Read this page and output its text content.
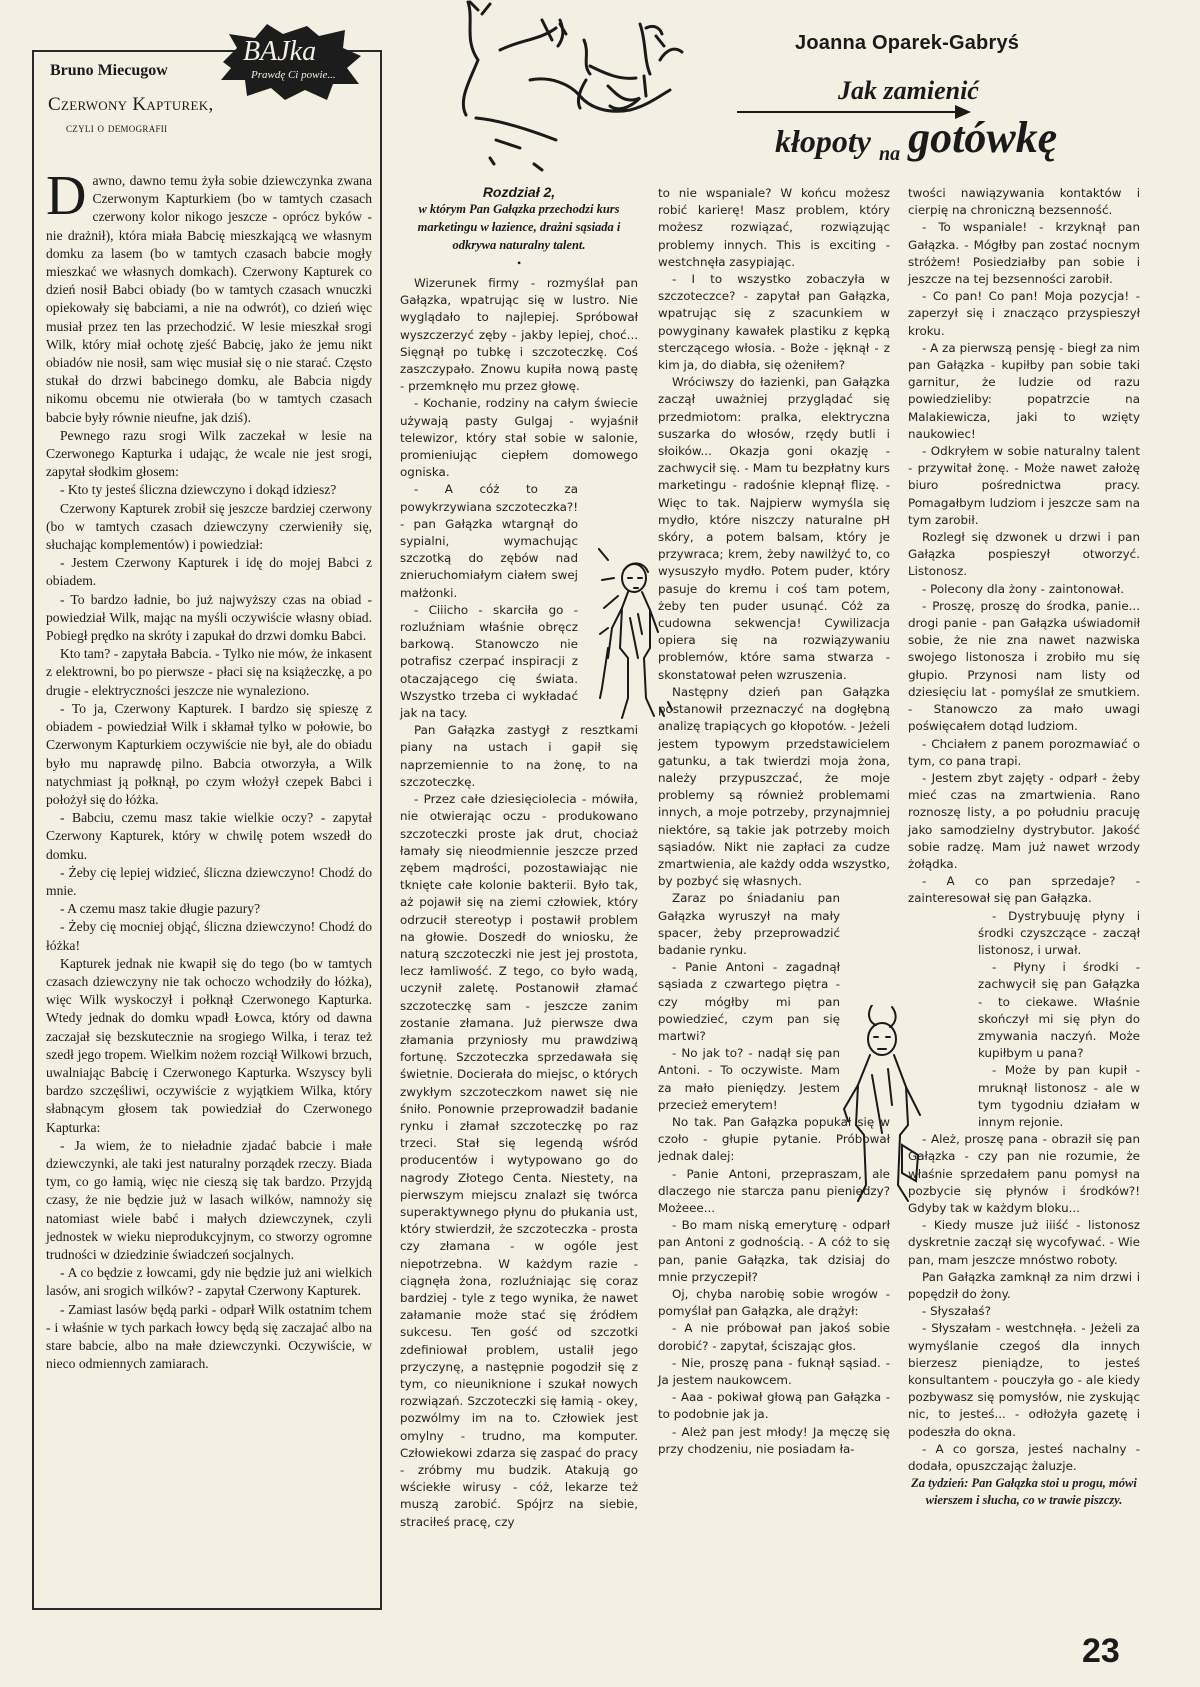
Bruno Miecugow
Czerwony Kapturek,
czyli o demografii
BAJka
Prawdę Ci powie...

Dawno, dawno temu żyła sobie dziewczynka zwana Czerwonym Kapturkiem (bo w tamtych czasach czerwony kolor nikogo jeszcze - oprócz byków - nie drażnił), która miała Babcię mieszkającą we własnym domku za lasem (bo w tamtych czasach babcie mogły mieszkać we własnych domkach). Czerwony Kapturek co dzień nosił Babci obiady (bo w tamtych czasach wnuczki opiekowały się babciami, a nie na odwrót), co dzień więc musiał przez ten las przechodzić. W lesie mieszkał srogi Wilk, który miał ochotę zjeść Babcię, jako że jemu nikt obiadów nie nosił, sam więc musiał się o nie starać. Często stukał do drzwi babcinego domku, ale Babcia nigdy nikomu obcemu nie otwierała (bo w tamtych czasach babcie były równie nieufne, jak dziś).

Pewnego razu srogi Wilk zaczekał w lesie na Czerwonego Kapturka i udając, że wcale nie jest srogi, zapytał słodkim głosem:

- Kto ty jesteś śliczna dziewczyno i dokąd idziesz?

Czerwony Kapturek zrobił się jeszcze bardziej czerwony (bo w tamtych czasach dziewczyny czerwieniły się, słuchając komplementów) i powiedział:

- Jestem Czerwony Kapturek i idę do mojej Babci z obiadem.

- To bardzo ładnie, bo już najwyższy czas na obiad - powiedział Wilk, mając na myśli oczywiście własny obiad. Pobiegł prędko na skróty i zapukał do drzwi domku Babci.

Kto tam? - zapytała Babcia. - Tylko nie mów, że inkasent z elektrowni, bo po pierwsze - płaci się na książeczkę, a po drugie - elektryczności jeszcze nie wynaleziono.

- To ja, Czerwony Kapturek. I bardzo się spieszę z obiadem - powiedział Wilk i skłamał tylko w połowie, bo Czerwonym Kapturkiem oczywiście nie był, ale do obiadu było mu naprawdę pilno. Babcia otworzyła, a Wilk natychmiast ją połknął, po czym włożył czepek Babci i położył się do łóżka.

- Babciu, czemu masz takie wielkie oczy? - zapytał Czerwony Kapturek, który w chwilę potem wszedł do domku.

- Żeby cię lepiej widzieć, śliczna dziewczyno! Chodź do mnie.

- A czemu masz takie długie pazury?

- Żeby cię mocniej objąć, śliczna dziewczyno! Chodź do łóżka!

Kapturek jednak nie kwapił się do tego (bo w tamtych czasach dziewczyny nie tak ochoczo wchodziły do łóżka), więc Wilk wyskoczył i połknął Czerwonego Kapturka. Wtedy jednak do domku wpadł Łowca, który od dawna zaczajał się bezskutecznie na srogiego Wilka, i teraz też szedł jego tropem. Wielkim nożem rozciął Wilkowi brzuch, uwalniając Babcię i Czerwonego Kapturka. Wszyscy byli bardzo szczęśliwi, oczywiście z wyjątkiem Wilka, który słabnącym głosem tak powiedział do Czerwonego Kapturka:

- Ja wiem, że to nieładnie zjadać babcie i małe dziewczynki, ale taki jest naturalny porządek rzeczy. Biada tym, co go łamią, więc nie cieszą się tak bardzo. Przyjdą czasy, że nie będzie już w lasach wilków, namnoży się natomiast wiele babć i małych dziewczynek, czyli jednostek w wieku nieprodukcyjnym, co stworzy ogromne trudności w dziedzinie świadczeń socjalnych.

- A co będzie z łowcami, gdy nie będzie już ani wielkich lasów, ani srogich wilków? - zapytał Czerwony Kapturek.

- Zamiast lasów będą parki - odparł Wilk ostatnim tchem - i właśnie w tych parkach łowcy będą się zaczajać albo na stare babcie, albo na małe dziewczynki. Oczywiście, w nieco odmiennych zamiarach.

Joanna Oparek-Gabryś
Jak zamienić
kłopoty $_{na}$ gotówkę
Rozdział 2,
w którym Pan Gałązka przechodzi kurs marketingu w łazience, drażni sąsiada i odkrywa naturalny talent.
•

Wizerunek firmy - rozmyślał pan Gałązka, wpatrując się w lustro. Nie wyglądało to najlepiej. Spróbował wyszczerzyć zęby - jakby lepiej, choć... Sięgnął po tubkę i szczoteczkę. Coś zaszczypało. Znowu kupiła nową pastę - przemknęło mu przez głowę.

- Kochanie, rodziny na całym świecie używają pasty Gulgaj - wyjaśnił telewizor, który stał sobie w salonie, promieniując ciepłem domowego ogniska.

- A cóż to za powykrzywiana szczoteczka?! - pan Gałązka wtargnął do sypialni, wymachując szczotką do zębów nad znieruchomiałym ciałem swej małżonki.

- Ciiicho - skarciła go - rozluźniam właśnie obręcz barkową. Stanowczo nie potrafisz czerpać inspiracji z otaczającego cię świata. Wszystko trzeba ci wykładać jak na tacy.

Pan Gałązka zastygł z resztkami piany na ustach i gapił się naprzemiennie to na żonę, to na szczoteczkę.

- Przez całe dziesięciolecia - mówiła, nie otwierając oczu - produkowano szczoteczki proste jak drut, chociaż łamały się nieodmiennie jeszcze przed zębem mądrości, pozostawiając nie tknięte całe kolonie bakterii. Było tak, aż pojawił się na ziemi człowiek, który odrzucił stereotyp i postawił problem na głowie. Doszedł do wniosku, że naturą szczoteczki nie jest jej prostota, lecz łamliwość. Z tego, co było wadą, uczynił zaletę. Postanowił złamać szczoteczkę sam - jeszcze zanim zostanie złamana. Już pierwsze dwa złamania przyniosły mu prawdziwą fortunę. Szczoteczka sprzedawała się świetnie. Docierała do miejsc, o których zwykłym szczoteczkom nawet się nie śniło. Ponownie przeprowadził badanie rynku i złamał szczoteczkę po raz trzeci. Stał się legendą wśród producentów i wytypowano go do nagrody Złotego Centa. Niestety, na pierwszym miejscu znalazł się twórca superaktywnego płynu do płukania ust, który stwierdził, że szczoteczka - prosta czy złamana - w ogóle jest niepotrzebna. W każdym razie - ciągnęła żona, rozluźniając się coraz bardziej - tyle z tego wynika, że nawet załamanie może stać się źródłem sukcesu. Ten gość od szczotki zdefiniował problem, ustalił jego przyczynę, a następnie pogodził się z tym, co nieuniknione i szukał nowych rozwiązań. Szczoteczki się łamią - okey, pozwólmy im na to. Człowiek jest omylny - trudno, ma komputer. Człowiekowi zdarza się zaspać do pracy - zróbmy mu budzik. Atakują go wściekłe wirusy - cóż, lekarze też muszą zarobić. Spójrz na siebie, straciłeś pracę, czy

to nie wspaniale? W końcu możesz robić karierę! Masz problem, który możesz rozwiązać, rozwiązując problemy innych. This is exciting - westchnęła zasypiając.

- I to wszystko zobaczyła w szczoteczce? - zapytał pan Gałązka, wpatrując się z szacunkiem w powyginany kawałek plastiku z kępką sterczącego włosia. - Boże - jęknął - z kim ja, do diabła, się ożeniłem?

Wróciwszy do łazienki, pan Gałązka zaczął uważniej przyglądać się przedmiotom: pralka, elektryczna suszarka do włosów, rzędy butli i słoików... Okazja goni okazję - zachwycił się. - Mam tu bezpłatny kurs marketingu - radośnie klepnął flizę. - Więc to tak. Najpierw wymyśla się mydło, które niszczy naturalne pH skóry, a potem balsam, który je przywraca; krem, żeby nawilżyć to, co wysuszyło mydło. Potem puder, który pasuje do kremu i coś tam potem, żeby ten puder usunąć. Cóż za cudowna sekwencja! Cywilizacja opiera się na rozwiązywaniu problemów, które sama stwarza - skonstatował pełen wzruszenia.

Następny dzień pan Gałązka postanowił przeznaczyć na dogłębną analizę trapiących go kłopotów. - Jeżeli jestem typowym przedstawicielem gatunku, a tak twierdzi moja żona, należy przypuszczać, że moje problemy są również problemami innych, a moje potrzeby, przynajmniej niektóre, są takie jak potrzeby moich sąsiadów. Nikt nie zapłaci za cudze zmartwienia, ale każdy odda wszystko, by pozbyć się własnych.

Zaraz po śniadaniu pan Gałązka wyruszył na mały spacer, żeby przeprowadzić badanie rynku.

- Panie Antoni - zagadnął sąsiada z czwartego piętra - czy mógłby mi pan powiedzieć, czym pan się martwi?

- No jak to? - nadął się pan Antoni. - To oczywiste. Mam za mało pieniędzy. Jestem przecież emerytem!

No tak. Pan Gałązka popukał się w czoło - głupie pytanie. Próbował jednak dalej:

- Panie Antoni, przepraszam, ale dlaczego nie starcza panu pieniędzy? Możeee...

- Bo mam niską emeryturę - odparł pan Antoni z godnością. - A cóż to się pan, panie Gałązka, tak dzisiaj do mnie przyczepił?

Oj, chyba narobię sobie wrogów - pomyślał pan Gałązka, ale drążył:

- A nie próbował pan jakoś sobie dorobić? - zapytał, ściszając głos.

- Nie, proszę pana - fuknął sąsiad. - Ja jestem naukowcem.

- Aaa - pokiwał głową pan Gałązka - to podobnie jak ja.

- Ależ pan jest młody! Ja męczę się przy chodzeniu, nie posiadam ła-

twości nawiązywania kontaktów i cierpię na chroniczną bezsenność.

- To wspaniale! - krzyknął pan Gałązka. - Mógłby pan zostać nocnym stróżem! Posiedziałby pan sobie i jeszcze na tej bezsenności zarobił.

- Co pan! Co pan! Moja pozycja! - zaperzył się i znacząco przyspieszył kroku.

- A za pierwszą pensję - biegł za nim pan Gałązka - kupiłby pan sobie taki garnitur, że ludzie od razu powiedzieliby: popatrzcie na Malakiewicza, jaki to wzięty naukowiec!

- Odkryłem w sobie naturalny talent - przywitał żonę. - Może nawet założę biuro pośrednictwa pracy. Pomagałbym ludziom i jeszcze sam na tym zarobił.

Rozległ się dzwonek u drzwi i pan Gałązka pospieszył otworzyć. Listonosz.

- Polecony dla żony - zaintonował.

- Proszę, proszę do środka, panie... drogi panie - pan Gałązka uświadomił sobie, że nie zna nawet nazwiska swojego listonosza i zrobiło mu się głupio. Przynosi nam listy od dziesięciu lat - pomyślał ze smutkiem. - Stanowczo za mało uwagi poświęcałem dotąd ludziom.

- Chciałem z panem porozmawiać o tym, co pana trapi.

- Jestem zbyt zajęty - odparł - żeby mieć czas na zmartwienia. Rano roznoszę listy, a po południu pracuję jako samodzielny dystrybutor. Jakość sobie radzę. Mam już nawet wrzody żołądka.

- A co pan sprzedaje? - zainteresował się pan Gałązka.

- Dystrybuuję płyny i środki czyszczące - zaczął listonosz, i urwał.

- Płyny i środki - zachwycił się pan Gałązka - to ciekawe. Właśnie skończył mi się płyn do zmywania naczyń. Może kupiłbym u pana?

- Może by pan kupił - mruknął listonosz - ale w tym tygodniu działam w innym rejonie.

- Ależ, proszę pana - obraził się pan Gałązka - czy pan nie rozumie, że właśnie sprzedałem panu pomysł na pozbycie się płynów i środków?! Gdyby tak w każdym bloku...

- Kiedy musze już iiiść - listonosz dyskretnie zaczął się wycofywać. - Wie pan, mam jeszcze mnóstwo roboty.

Pan Gałązka zamknął za nim drzwi i popędził do żony.

- Słyszałaś?

- Słyszałam - westchnęła. - Jeżeli za wymyślanie czegoś dla innych bierzesz pieniądze, to jesteś konsultantem - pouczyła go - ale kiedy pozbywasz się pomysłów, nie zyskując nic, to jesteś... - odłożyła gazetę i podeszła do okna.

- A co gorsza, jesteś nachalny - dodała, opuszczając żaluzje.

Za tydzień: Pan Gałązka stoi u progu, mówi wierszem i słucha, co w trawie piszczy.

23
